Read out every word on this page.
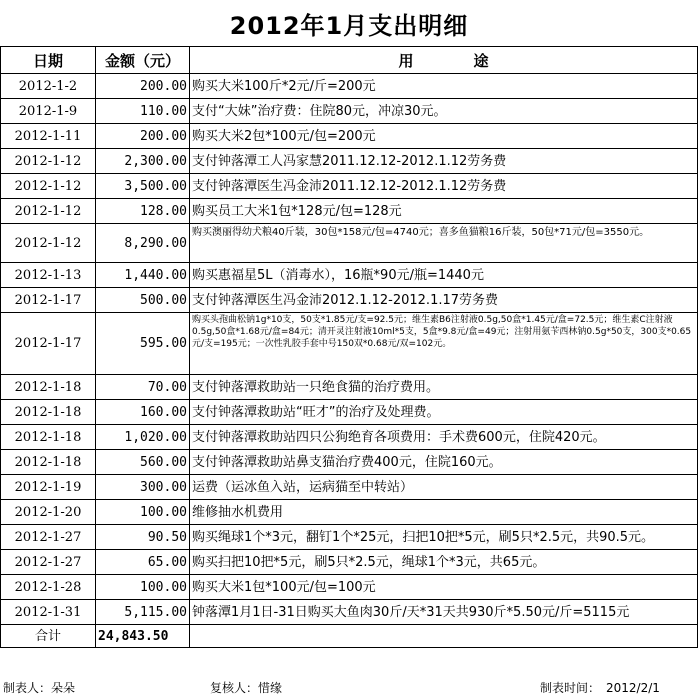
2012年1月支出明细
日期	金额（元）	用　　　　途
2012-1-2	200.00	购买大米100斤*2元/斤=200元
2012-1-9	110.00	支付“大妹”治疗费：住院80元，冲凉30元。
2012-1-11	200.00	购买大米2包*100元/包=200元
2012-1-12	2,300.00	支付钟落潭工人冯家慧2011.12.12-2012.1.12劳务费
2012-1-12	3,500.00	支付钟落潭医生冯金沛2011.12.12-2012.1.12劳务费
2012-1-12	128.00	购买员工大米1包*128元/包=128元
2012-1-12	8,290.00	购买澳丽得幼犬粮40斤装，30包*158元/包=4740元；喜多鱼猫粮16斤装，50包*71元/包=3550元。
2012-1-13	1,440.00	购买惠福星5L（消毒水），16瓶*90元/瓶=1440元
2012-1-17	500.00	支付钟落潭医生冯金沛2012.1.12-2012.1.17劳务费
2012-1-17	595.00	购买头孢曲松钠1g*10支，50支*1.85元/支=92.5元；维生素B6注射液0.5g,50盒*1.45元/盒=72.5元；维生素C注射液0.5g,50盒*1.68元/盒=84元；清开灵注射液10ml*5支，5盒*9.8元/盒=49元；注射用氨苄西林钠0.5g*50支，300支*0.65元/支=195元；一次性乳胶手套中号150双*0.68元/双=102元。
2012-1-18	70.00	支付钟落潭救助站一只绝食猫的治疗费用。
2012-1-18	160.00	支付钟落潭救助站“旺才”的治疗及处理费。
2012-1-18	1,020.00	支付钟落潭救助站四只公狗绝育各项费用：手术费600元，住院420元。
2012-1-18	560.00	支付钟落潭救助站鼻支猫治疗费400元，住院160元。
2012-1-19	300.00	运费（运冰鱼入站，运病猫至中转站）
2012-1-20	100.00	维修抽水机费用
2012-1-27	90.50	购买绳球1个*3元，翻钉1个*25元，扫把10把*5元，刷5只*2.5元，共90.5元。
2012-1-27	65.00	购买扫把10把*5元，刷5只*2.5元，绳球1个*3元，共65元。
2012-1-28	100.00	购买大米1包*100元/包=100元
2012-1-31	5,115.00	钟落潭1月1日-31日购买大鱼肉30斤/天*31天共930斤*5.50元/斤=5115元
合计	24,843.50	
制表人：朵朵	复核人：惜缘	制表时间：　2012/2/1
